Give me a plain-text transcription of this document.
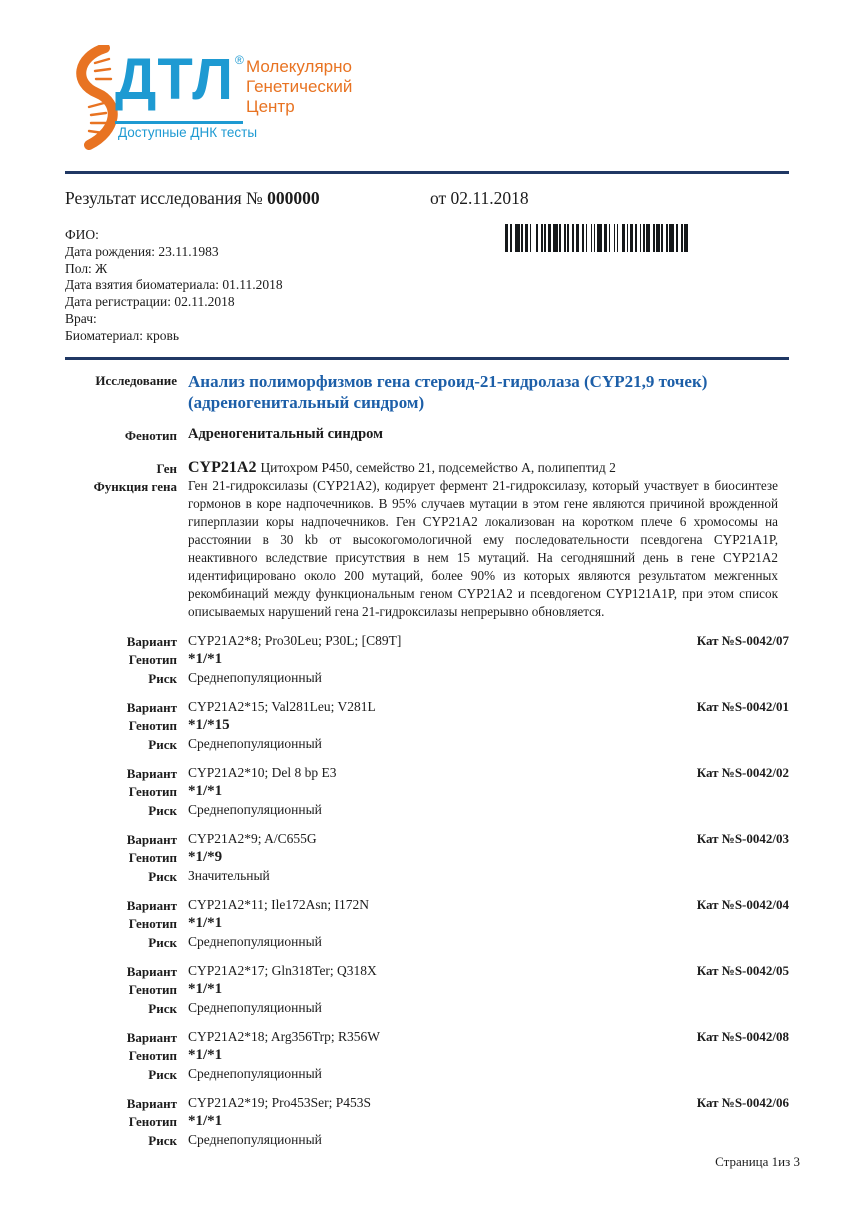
ДТЛ ®
Доступные ДНК тесты
Молекулярно
Генетический
Центр
Результат исследования № 000000	от 02.11.2018
ФИО:
Дата рождения: 23.11.1983
Пол: Ж
Дата взятия биоматериала: 01.11.2018
Дата регистрации: 02.11.2018
Врач:
Биоматериал: кровь
Исследование Анализ полиморфизмов гена стероид-21-гидролаза (CYP21,9 точек)
(адреногенитальный синдром)
Фенотип Адреногенитальный синдром
Ген CYP21A2 Цитохром P450, семейство 21, подсемейство А, полипептид 2
Функция гена Ген 21-гидроксилазы (CYP21A2), кодирует фермент 21-гидроксилазу, который участвует в биосинтезе гормонов в коре надпочечников. В 95% случаев мутации в этом гене являются причиной врожденной гиперплазии коры надпочечников. Ген CYP21A2 локализован на коротком плече 6 хромосомы на расстоянии в 30 kb от высокогомологичной ему последовательности псевдогена CYP21A1P, неактивного вследствие присутствия в нем 15 мутаций. На сегодняшний день в гене CYP21A2 идентифицировано около 200 мутаций, более 90% из которых являются результатом межгенных рекомбинаций между функциональным геном CYP21A2 и псевдогеном CYP121A1P, при этом список описываемых нарушений гена 21-гидроксилазы непрерывно обновляется.
Вариант CYP21A2*8; Pro30Leu; P30L; [C89T]	Кат №S-0042/07
Генотип *1/*1
Риск Среднепопуляционный
Вариант CYP21A2*15; Val281Leu; V281L	Кат №S-0042/01
Генотип *1/*15
Риск Среднепопуляционный
Вариант CYP21A2*10; Del 8 bp E3	Кат №S-0042/02
Генотип *1/*1
Риск Среднепопуляционный
Вариант CYP21A2*9; A/C655G	Кат №S-0042/03
Генотип *1/*9
Риск Значительный
Вариант CYP21A2*11; Ile172Asn; I172N	Кат №S-0042/04
Генотип *1/*1
Риск Среднепопуляционный
Вариант CYP21A2*17; Gln318Ter; Q318X	Кат №S-0042/05
Генотип *1/*1
Риск Среднепопуляционный
Вариант CYP21A2*18; Arg356Trp; R356W	Кат №S-0042/08
Генотип *1/*1
Риск Среднепопуляционный
Вариант CYP21A2*19; Pro453Ser; P453S	Кат №S-0042/06
Генотип *1/*1
Риск Среднепопуляционный
Страница 1из 3
